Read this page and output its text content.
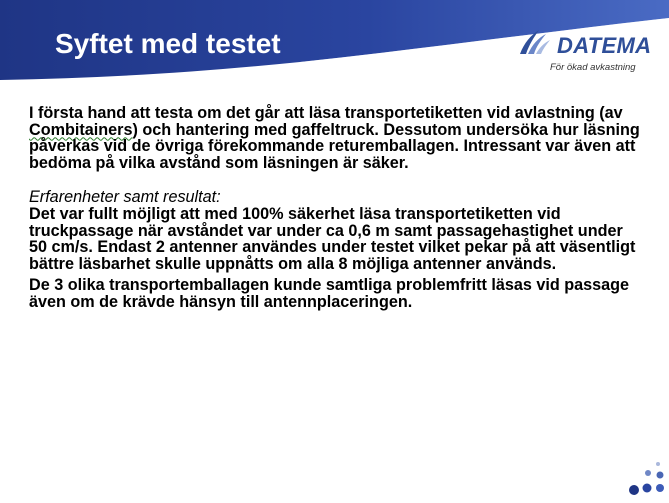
Syftet med testet	DATEMA
För ökad avkastning

I första hand att testa om det går att läsa transportetiketten vid avlastning (av Combitainers) och hantering med gaffeltruck. Dessutom undersöka hur läsning påverkas vid de övriga förekommande returemballagen. Intressant var även att bedöma på vilka avstånd som läsningen är säker.

Erfarenheter samt resultat:

Det var fullt möjligt att med 100% säkerhet läsa transportetiketten vid truckpassage när avståndet var under ca 0,6 m samt passagehastighet under 50 cm/s. Endast 2 antenner användes under testet vilket pekar på att väsentligt bättre läsbarhet skulle uppnåtts om alla 8 möjliga antenner används.

De 3 olika transportemballagen kunde samtliga problemfritt läsas vid passage även om de krävde hänsyn till antennplaceringen.
